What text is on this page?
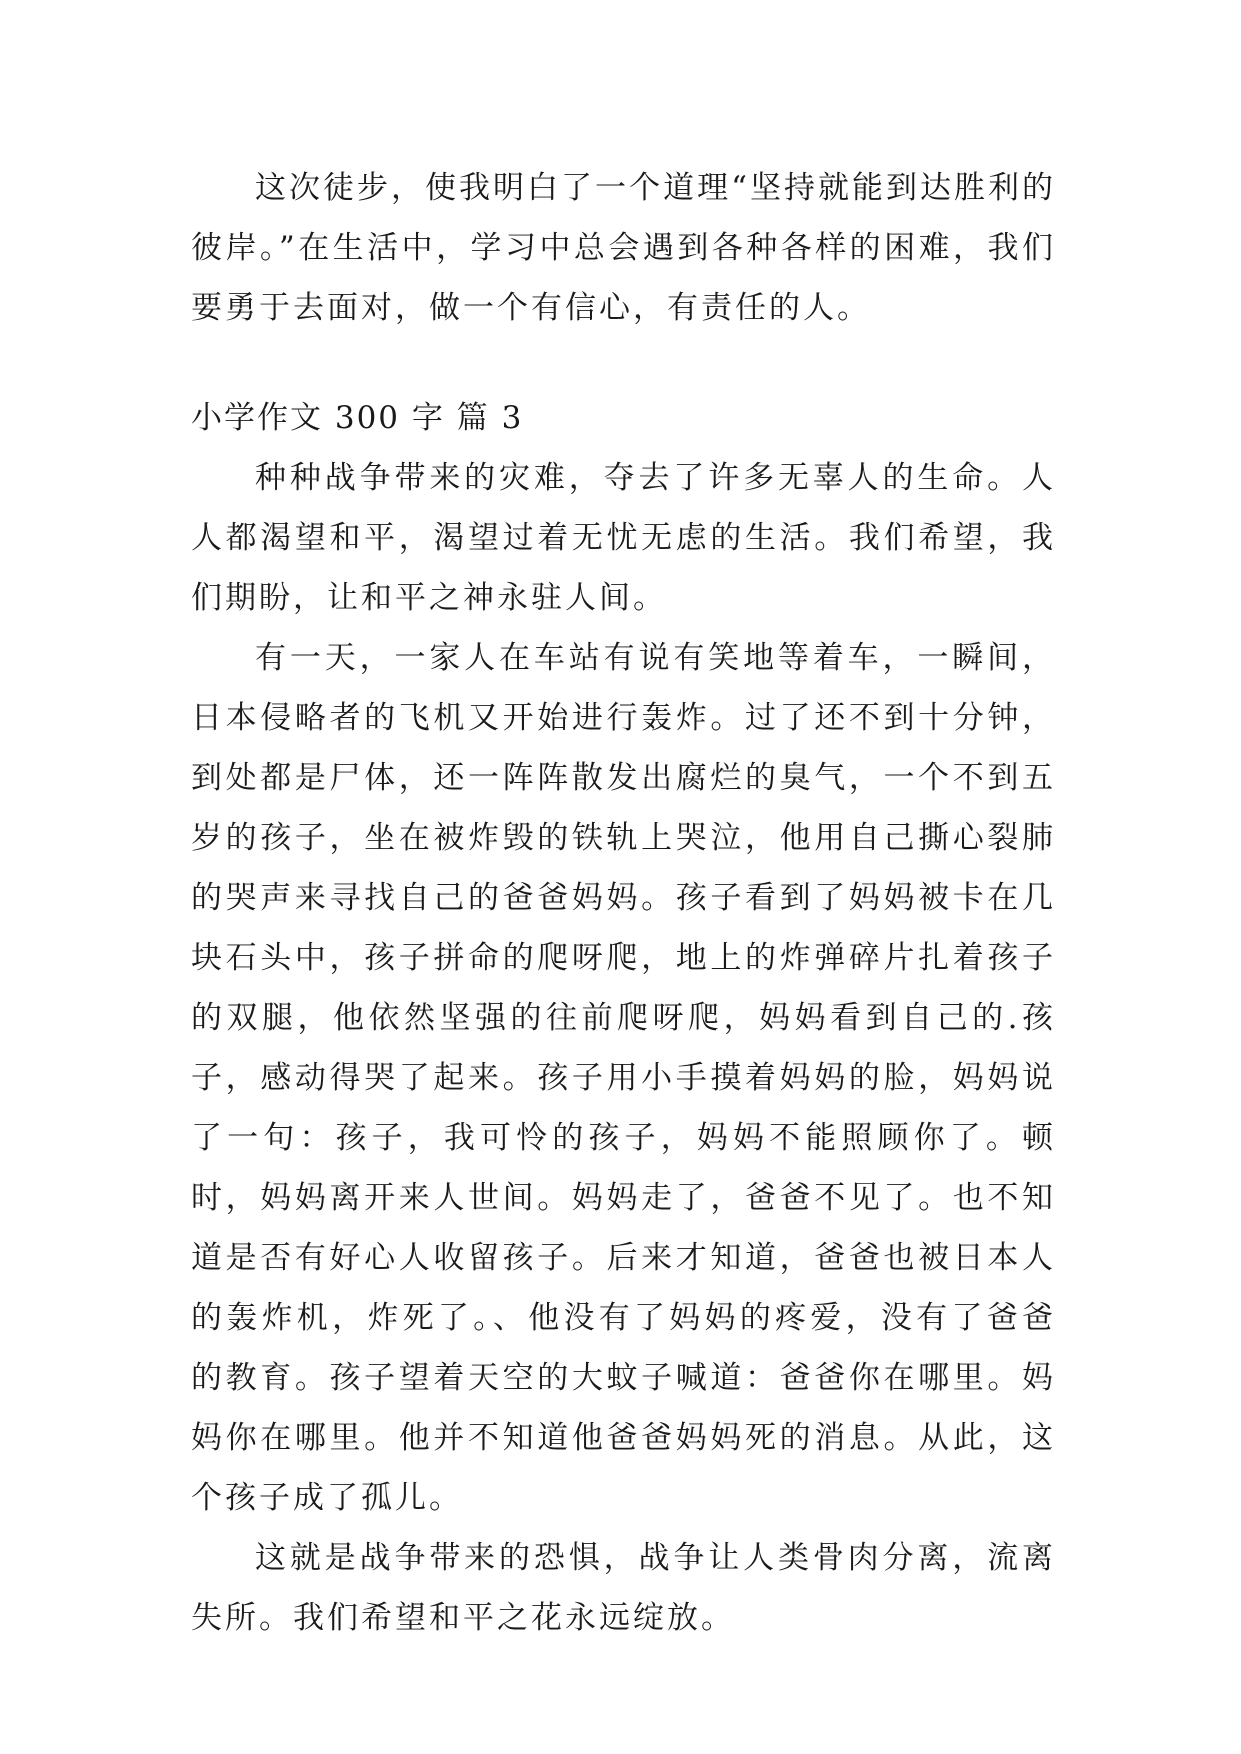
这次徒步，使我明白了一个道理“坚持就能到达胜利的彼岸。”在生活中，学习中总会遇到各种各样的困难，我们要勇于去面对，做一个有信心，有责任的人。

小学作文 300 字 篇 3

种种战争带来的灾难，夺去了许多无辜人的生命。人人都渴望和平，渴望过着无忧无虑的生活。我们希望，我们期盼，让和平之神永驻人间。

有一天，一家人在车站有说有笑地等着车，一瞬间，日本侵略者的飞机又开始进行轰炸。过了还不到十分钟，到处都是尸体，还一阵阵散发出腐烂的臭气，一个不到五岁的孩子，坐在被炸毁的铁轨上哭泣，他用自己撕心裂肺的哭声来寻找自己的爸爸妈妈。孩子看到了妈妈被卡在几块石头中，孩子拼命的爬呀爬，地上的炸弹碎片扎着孩子的双腿，他依然坚强的往前爬呀爬，妈妈看到自己的.孩子，感动得哭了起来。孩子用小手摸着妈妈的脸，妈妈说了一句：孩子，我可怜的孩子，妈妈不能照顾你了。顿时，妈妈离开来人世间。妈妈走了，爸爸不见了。也不知道是否有好心人收留孩子。后来才知道，爸爸也被日本人的轰炸机，炸死了。、他没有了妈妈的疼爱，没有了爸爸的教育。孩子望着天空的大蚊子喊道：爸爸你在哪里。妈妈你在哪里。他并不知道他爸爸妈妈死的消息。从此，这个孩子成了孤儿。

这就是战争带来的恐惧，战争让人类骨肉分离，流离失所。我们希望和平之花永远绽放。
